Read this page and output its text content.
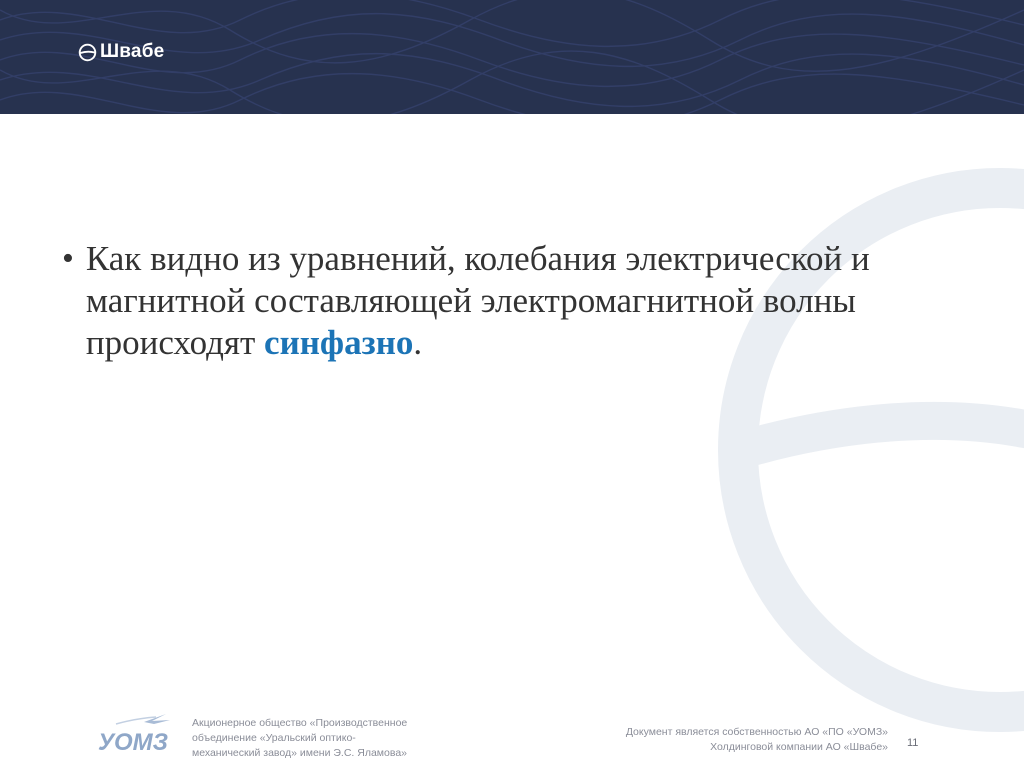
Швабе
• Как видно из уравнений, колебания электрической и магнитной составляющей электромагнитной волны происходят синфазно.
УОМЗ
Акционерное общество «Производственное
объединение «Уральский оптико-
механический завод» имени Э.С. Яламова»
Документ является собственностью АО «ПО «УОМЗ»
Холдинговой компании АО «Швабе» 11
